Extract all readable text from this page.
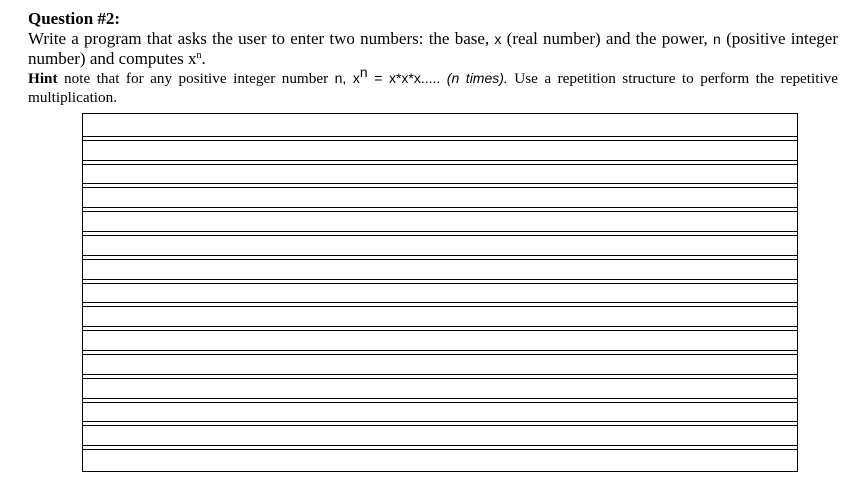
Question #2:

Write a program that asks the user to enter two numbers: the base, x (real number) and the power, n (positive integer number) and computes $x^n$.

Hint note that for any positive integer number n, $x^n = x*x*x$..... (n times). Use a repetition structure to perform the repetitive multiplication.
